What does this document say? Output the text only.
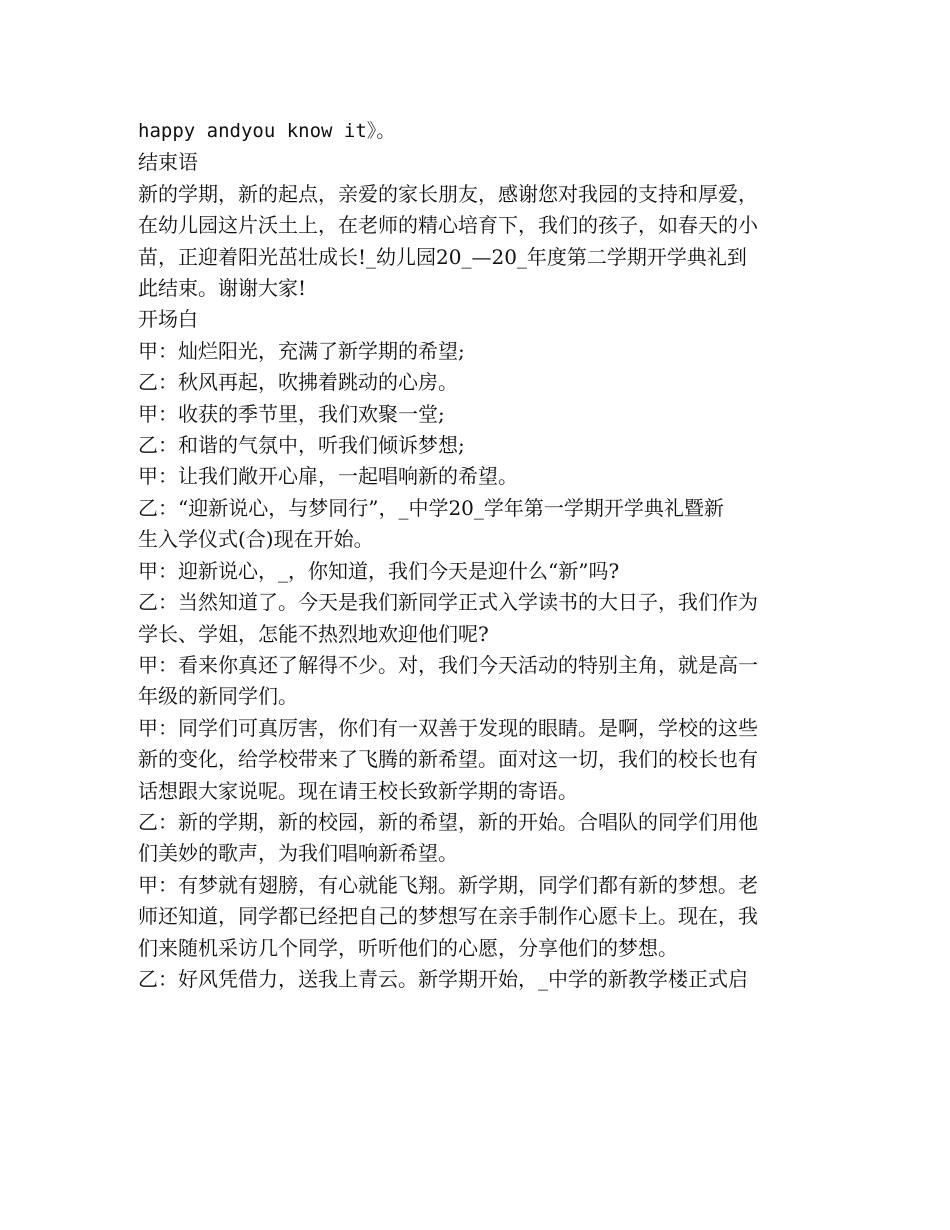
happy andyou know it》。
结束语
新的学期，新的起点，亲爱的家长朋友，感谢您对我园的支持和厚爱，
在幼儿园这片沃土上，在老师的精心培育下，我们的孩子，如春天的小
苗，正迎着阳光茁壮成长!_幼儿园20_—20_年度第二学期开学典礼到
此结束。谢谢大家!
开场白
甲：灿烂阳光，充满了新学期的希望;
乙：秋风再起，吹拂着跳动的心房。
甲：收获的季节里，我们欢聚一堂;
乙：和谐的气氛中，听我们倾诉梦想;
甲：让我们敞开心扉，一起唱响新的希望。
乙：“迎新说心，与梦同行”，_中学20_学年第一学期开学典礼暨新
生入学仪式(合)现在开始。
甲：迎新说心，_，你知道，我们今天是迎什么“新”吗?
乙：当然知道了。今天是我们新同学正式入学读书的大日子，我们作为
学长、学姐，怎能不热烈地欢迎他们呢?
甲：看来你真还了解得不少。对，我们今天活动的特别主角，就是高一
年级的新同学们。
甲：同学们可真厉害，你们有一双善于发现的眼睛。是啊，学校的这些
新的变化，给学校带来了飞腾的新希望。面对这一切，我们的校长也有
话想跟大家说呢。现在请王校长致新学期的寄语。
乙：新的学期，新的校园，新的希望，新的开始。合唱队的同学们用他
们美妙的歌声，为我们唱响新希望。
甲：有梦就有翅膀，有心就能飞翔。新学期，同学们都有新的梦想。老
师还知道，同学都已经把自己的梦想写在亲手制作心愿卡上。现在，我
们来随机采访几个同学，听听他们的心愿，分享他们的梦想。
乙：好风凭借力，送我上青云。新学期开始，_中学的新教学楼正式启
